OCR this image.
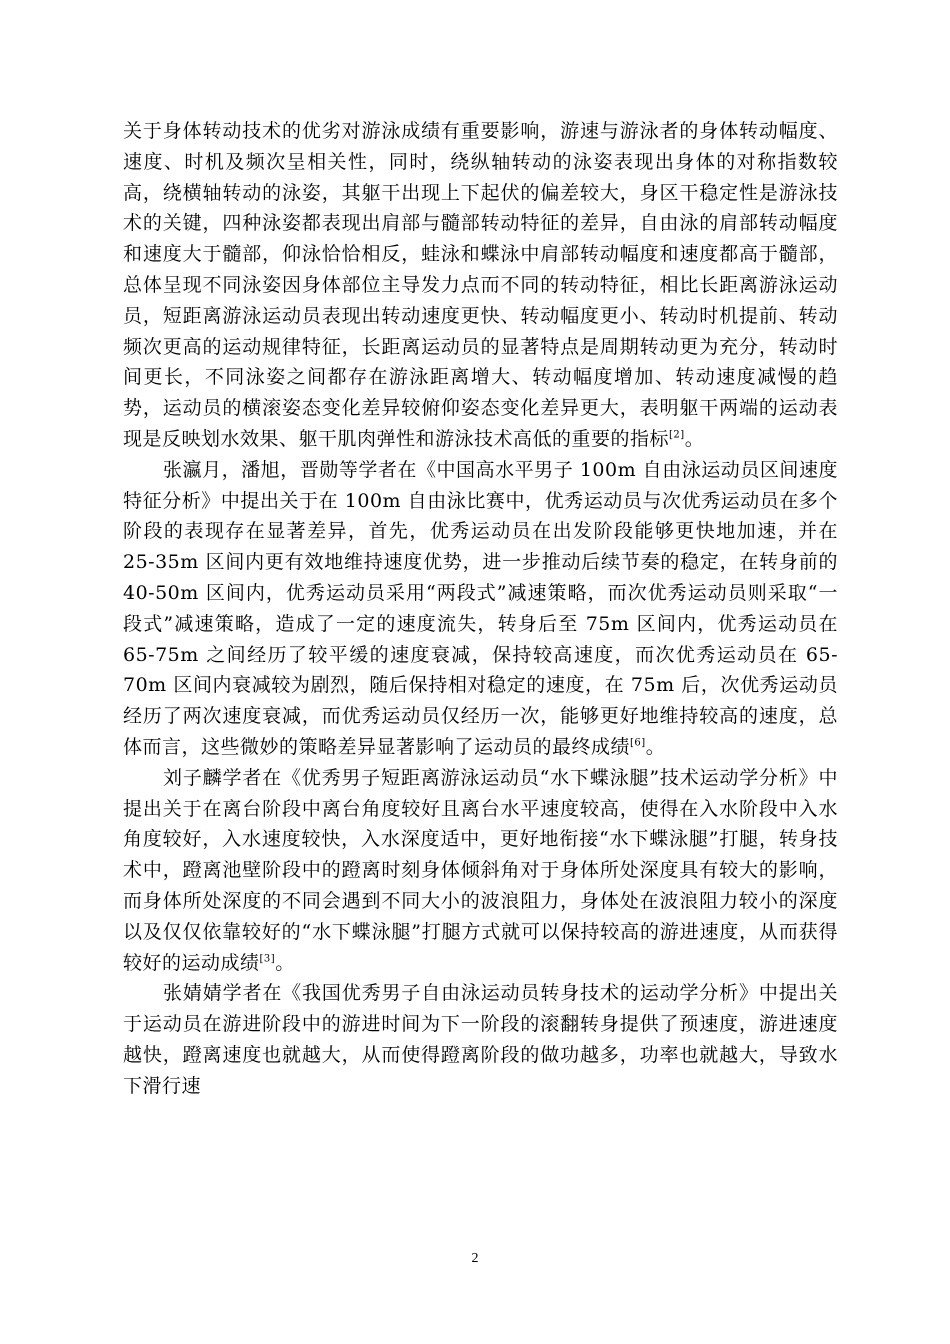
关于身体转动技术的优劣对游泳成绩有重要影响，游速与游泳者的身体转动幅度、速度、时机及频次呈相关性，同时，绕纵轴转动的泳姿表现出身体的对称指数较高，绕横轴转动的泳姿，其躯干出现上下起伏的偏差较大，身区干稳定性是游泳技术的关键，四种泳姿都表现出肩部与髓部转动特征的差异，自由泳的肩部转动幅度和速度大于髓部，仰泳恰恰相反，蛙泳和蝶泳中肩部转动幅度和速度都高于髓部，总体呈现不同泳姿因身体部位主导发力点而不同的转动特征，相比长距离游泳运动员，短距离游泳运动员表现出转动速度更快、转动幅度更小、转动时机提前、转动频次更高的运动规律特征，长距离运动员的显著特点是周期转动更为充分，转动时间更长，不同泳姿之间都存在游泳距离增大、转动幅度增加、转动速度减慢的趋势，运动员的横滚姿态变化差异较俯仰姿态变化差异更大，表明躯干两端的运动表现是反映划水效果、躯干肌肉弹性和游泳技术高低的重要的指标[2]。

张瀛月，潘旭，晋勋等学者在《中国高水平男子 100m 自由泳运动员区间速度特征分析》中提出关于在 100m 自由泳比赛中，优秀运动员与次优秀运动员在多个阶段的表现存在显著差异，首先，优秀运动员在出发阶段能够更快地加速，并在 25-35m 区间内更有效地维持速度优势，进一步推动后续节奏的稳定，在转身前的 40-50m 区间内，优秀运动员采用“两段式”减速策略，而次优秀运动员则采取“一段式”减速策略，造成了一定的速度流失，转身后至 75m 区间内，优秀运动员在 65-75m 之间经历了较平缓的速度衰减，保持较高速度，而次优秀运动员在 65-70m 区间内衰减较为剧烈，随后保持相对稳定的速度，在 75m 后，次优秀运动员经历了两次速度衰减，而优秀运动员仅经历一次，能够更好地维持较高的速度，总体而言，这些微妙的策略差异显著影响了运动员的最终成绩[6]。

刘子麟学者在《优秀男子短距离游泳运动员“水下蝶泳腿”技术运动学分析》中提出关于在离台阶段中离台角度较好且离台水平速度较高，使得在入水阶段中入水角度较好，入水速度较快，入水深度适中，更好地衔接“水下蝶泳腿”打腿，转身技术中，蹬离池壁阶段中的蹬离时刻身体倾斜角对于身体所处深度具有较大的影响，而身体所处深度的不同会遇到不同大小的波浪阻力，身体处在波浪阻力较小的深度以及仅仅依靠较好的“水下蝶泳腿”打腿方式就可以保持较高的游进速度，从而获得较好的运动成绩[3]。

张婧婧学者在《我国优秀男子自由泳运动员转身技术的运动学分析》中提出关于运动员在游进阶段中的游进时间为下一阶段的滚翻转身提供了预速度，游进速度越快，蹬离速度也就越大，从而使得蹬离阶段的做功越多，功率也就越大，导致水下滑行速

2
